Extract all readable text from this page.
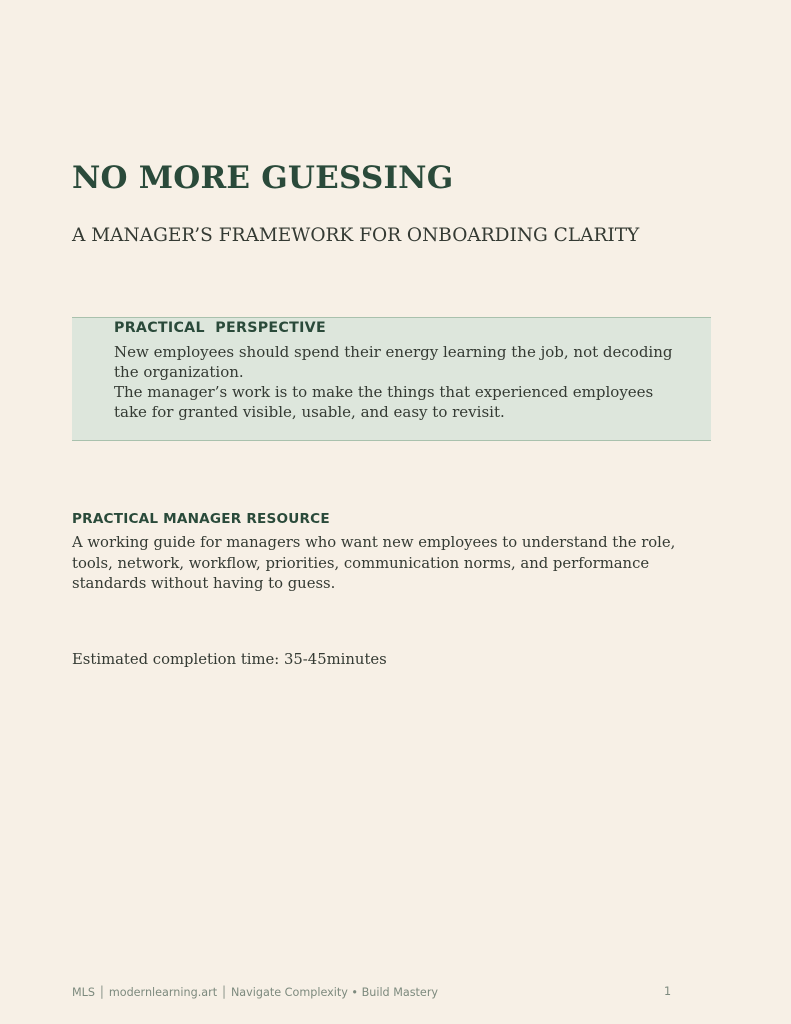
NO MORE GUESSING
A MANAGER’S FRAMEWORK FOR ONBOARDING CLARITY
PRACTICAL  PERSPECTIVE

New employees should spend their energy learning the job, not decoding the organization.

The manager’s work is to make the things that experienced employees take for granted visible, usable, and easy to revisit.

PRACTICAL MANAGER RESOURCE

A working guide for managers who want new employees to understand the role, tools, network, workflow, priorities, communication norms, and performance standards without having to guess.

Estimated completion time: 35-45minutes

MLS │ modernlearning.art │ Navigate Complexity • Build Mastery	1
